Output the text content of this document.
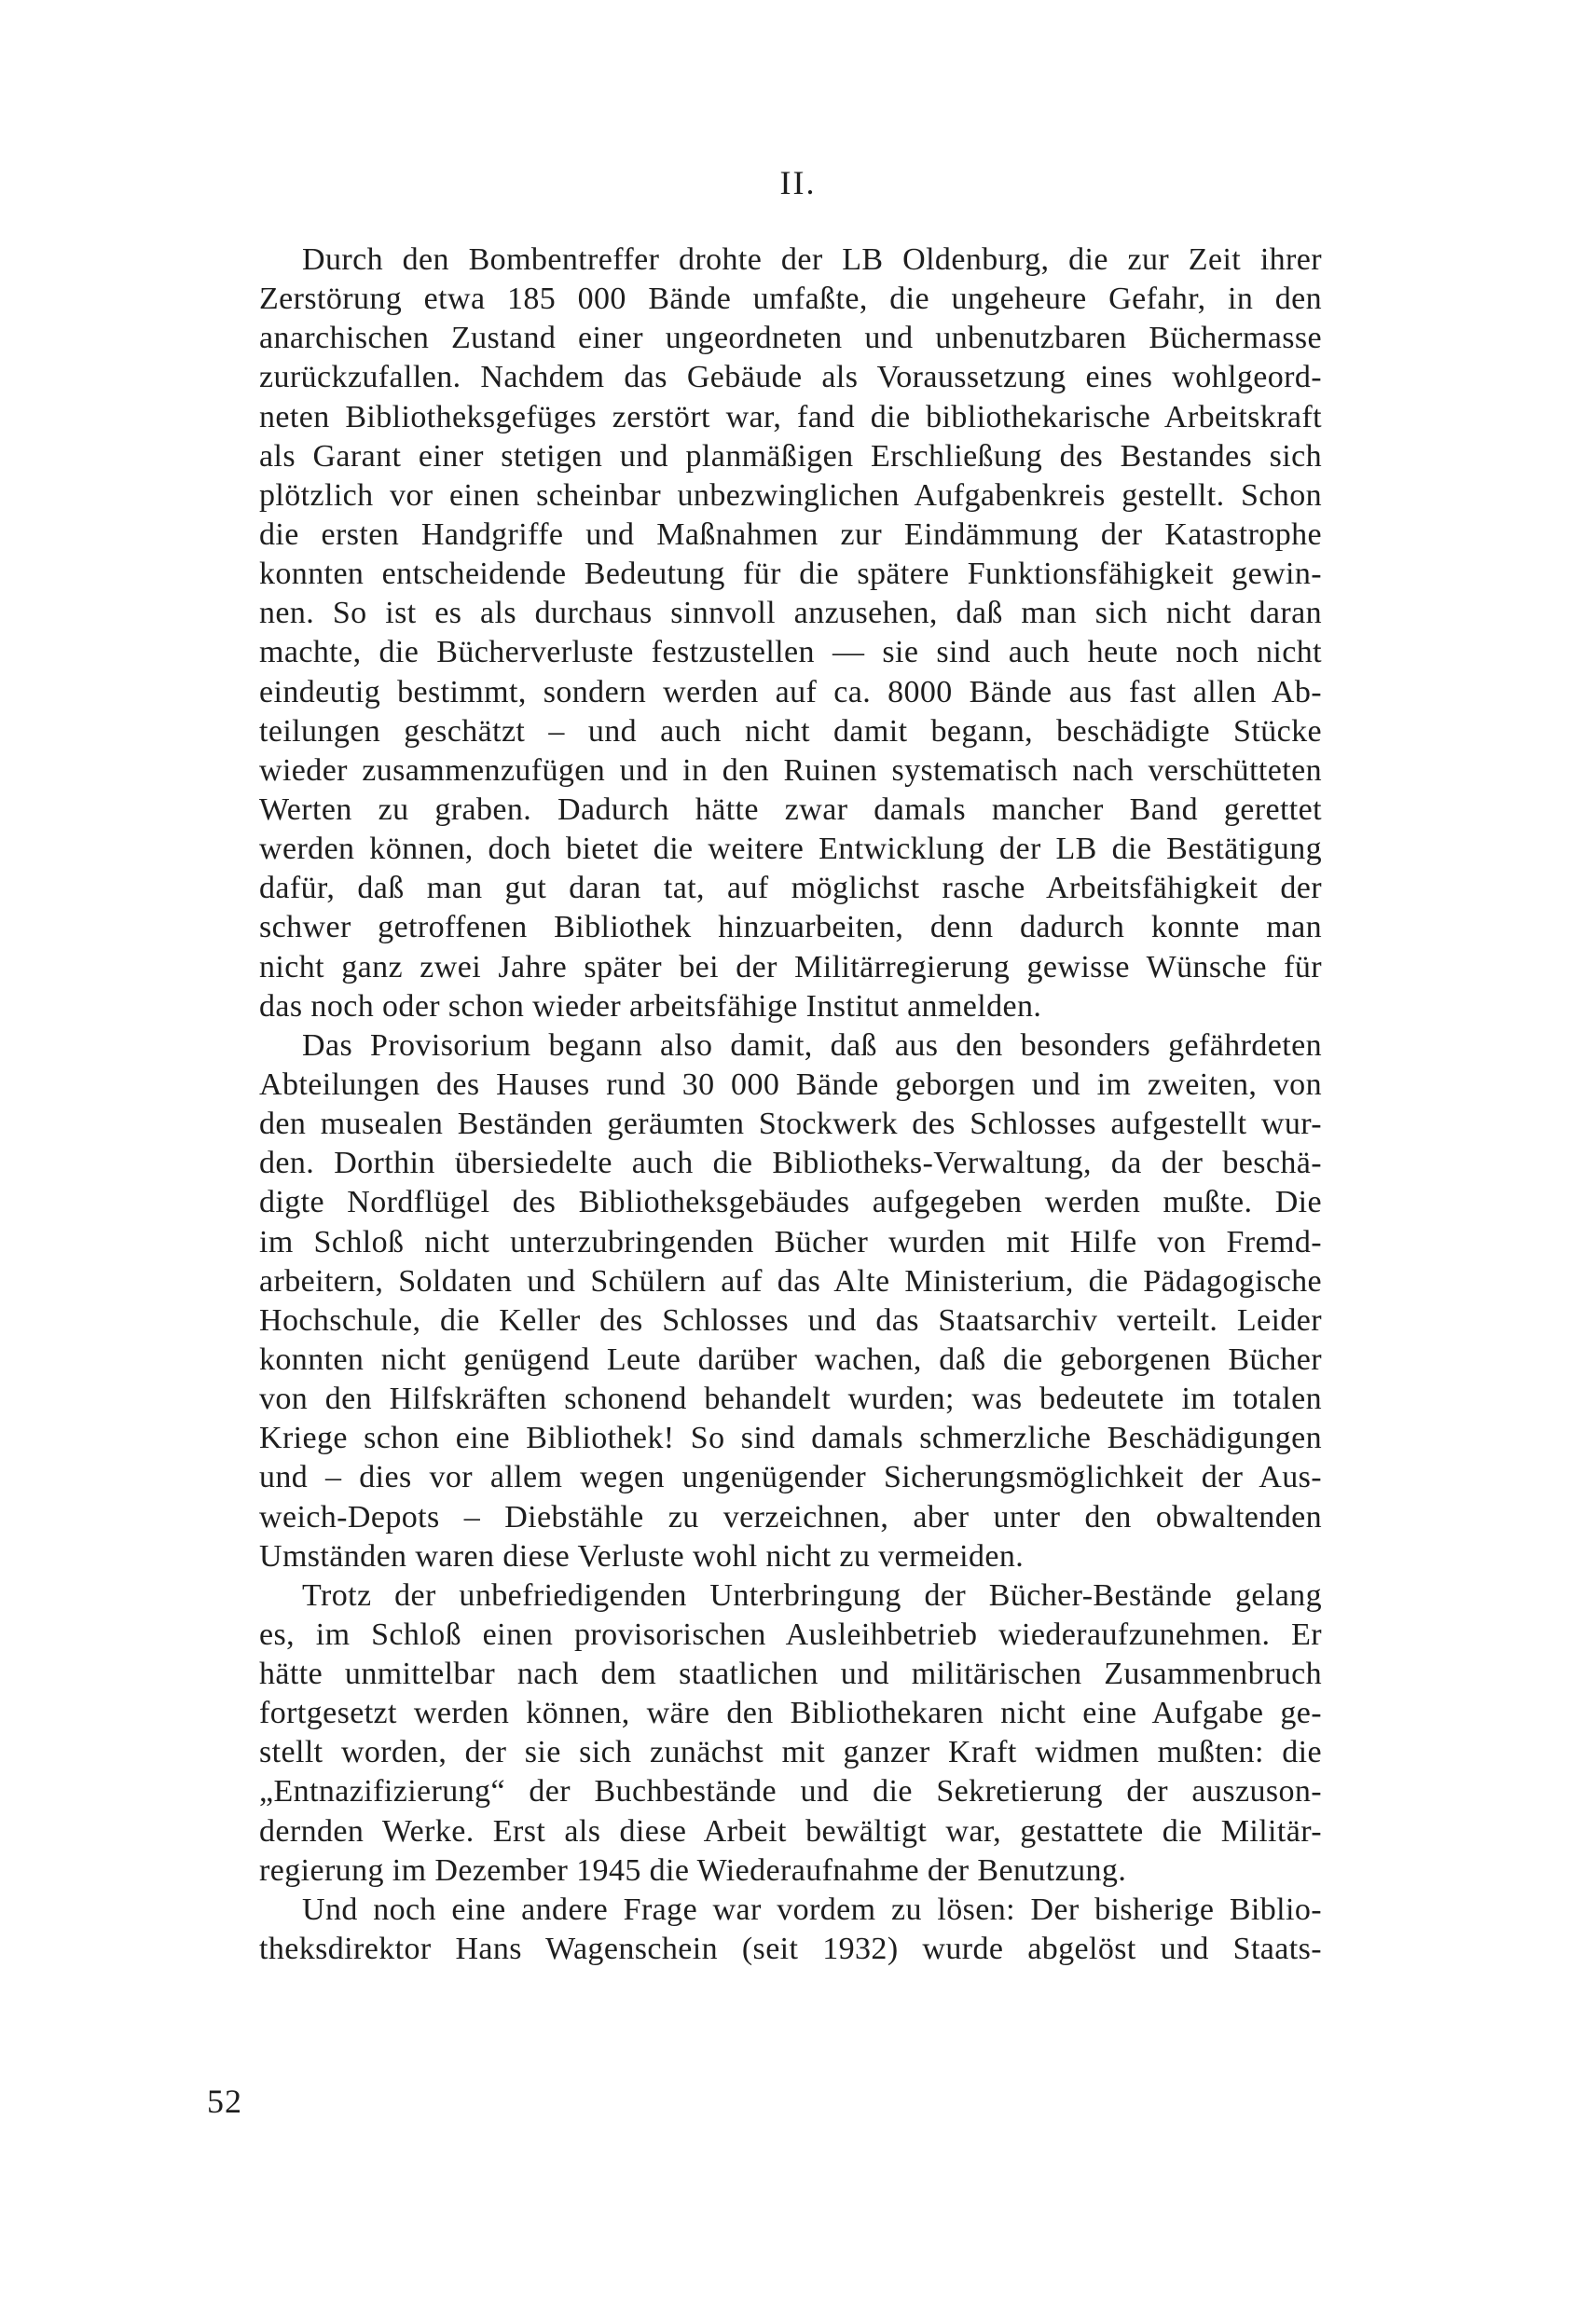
II.
Durch den Bombentreffer drohte der LB Oldenburg, die zur Zeit ihrer
Zerstörung etwa 185 000 Bände umfaßte, die ungeheure Gefahr, in den
anarchischen Zustand einer ungeordneten und unbenutzbaren Büchermasse
zurückzufallen. Nachdem das Gebäude als Voraussetzung eines wohlgeord-
neten Bibliotheksgefüges zerstört war, fand die bibliothekarische Arbeitskraft
als Garant einer stetigen und planmäßigen Erschließung des Bestandes sich
plötzlich vor einen scheinbar unbezwinglichen Aufgabenkreis gestellt. Schon
die ersten Handgriffe und Maßnahmen zur Eindämmung der Katastrophe
konnten entscheidende Bedeutung für die spätere Funktionsfähigkeit gewin-
nen. So ist es als durchaus sinnvoll anzusehen, daß man sich nicht daran
machte, die Bücherverluste festzustellen — sie sind auch heute noch nicht
eindeutig bestimmt, sondern werden auf ca. 8000 Bände aus fast allen Ab-
teilungen geschätzt – und auch nicht damit begann, beschädigte Stücke
wieder zusammenzufügen und in den Ruinen systematisch nach verschütteten
Werten zu graben. Dadurch hätte zwar damals mancher Band gerettet
werden können, doch bietet die weitere Entwicklung der LB die Bestätigung
dafür, daß man gut daran tat, auf möglichst rasche Arbeitsfähigkeit der
schwer getroffenen Bibliothek hinzuarbeiten, denn dadurch konnte man
nicht ganz zwei Jahre später bei der Militärregierung gewisse Wünsche für
das noch oder schon wieder arbeitsfähige Institut anmelden.
Das Provisorium begann also damit, daß aus den besonders gefährdeten
Abteilungen des Hauses rund 30 000 Bände geborgen und im zweiten, von
den musealen Beständen geräumten Stockwerk des Schlosses aufgestellt wur-
den. Dorthin übersiedelte auch die Bibliotheks-Verwaltung, da der beschä-
digte Nordflügel des Bibliotheksgebäudes aufgegeben werden mußte. Die
im Schloß nicht unterzubringenden Bücher wurden mit Hilfe von Fremd-
arbeitern, Soldaten und Schülern auf das Alte Ministerium, die Pädagogische
Hochschule, die Keller des Schlosses und das Staatsarchiv verteilt. Leider
konnten nicht genügend Leute darüber wachen, daß die geborgenen Bücher
von den Hilfskräften schonend behandelt wurden; was bedeutete im totalen
Kriege schon eine Bibliothek! So sind damals schmerzliche Beschädigungen
und – dies vor allem wegen ungenügender Sicherungsmöglichkeit der Aus-
weich-Depots – Diebstähle zu verzeichnen, aber unter den obwaltenden
Umständen waren diese Verluste wohl nicht zu vermeiden.
Trotz der unbefriedigenden Unterbringung der Bücher-Bestände gelang
es, im Schloß einen provisorischen Ausleihbetrieb wiederaufzunehmen. Er
hätte unmittelbar nach dem staatlichen und militärischen Zusammenbruch
fortgesetzt werden können, wäre den Bibliothekaren nicht eine Aufgabe ge-
stellt worden, der sie sich zunächst mit ganzer Kraft widmen mußten: die
„Entnazifizierung“ der Buchbestände und die Sekretierung der auszuson-
dernden Werke. Erst als diese Arbeit bewältigt war, gestattete die Militär-
regierung im Dezember 1945 die Wiederaufnahme der Benutzung.
Und noch eine andere Frage war vordem zu lösen: Der bisherige Biblio-
theksdirektor Hans Wagenschein (seit 1932) wurde abgelöst und Staats-
52
